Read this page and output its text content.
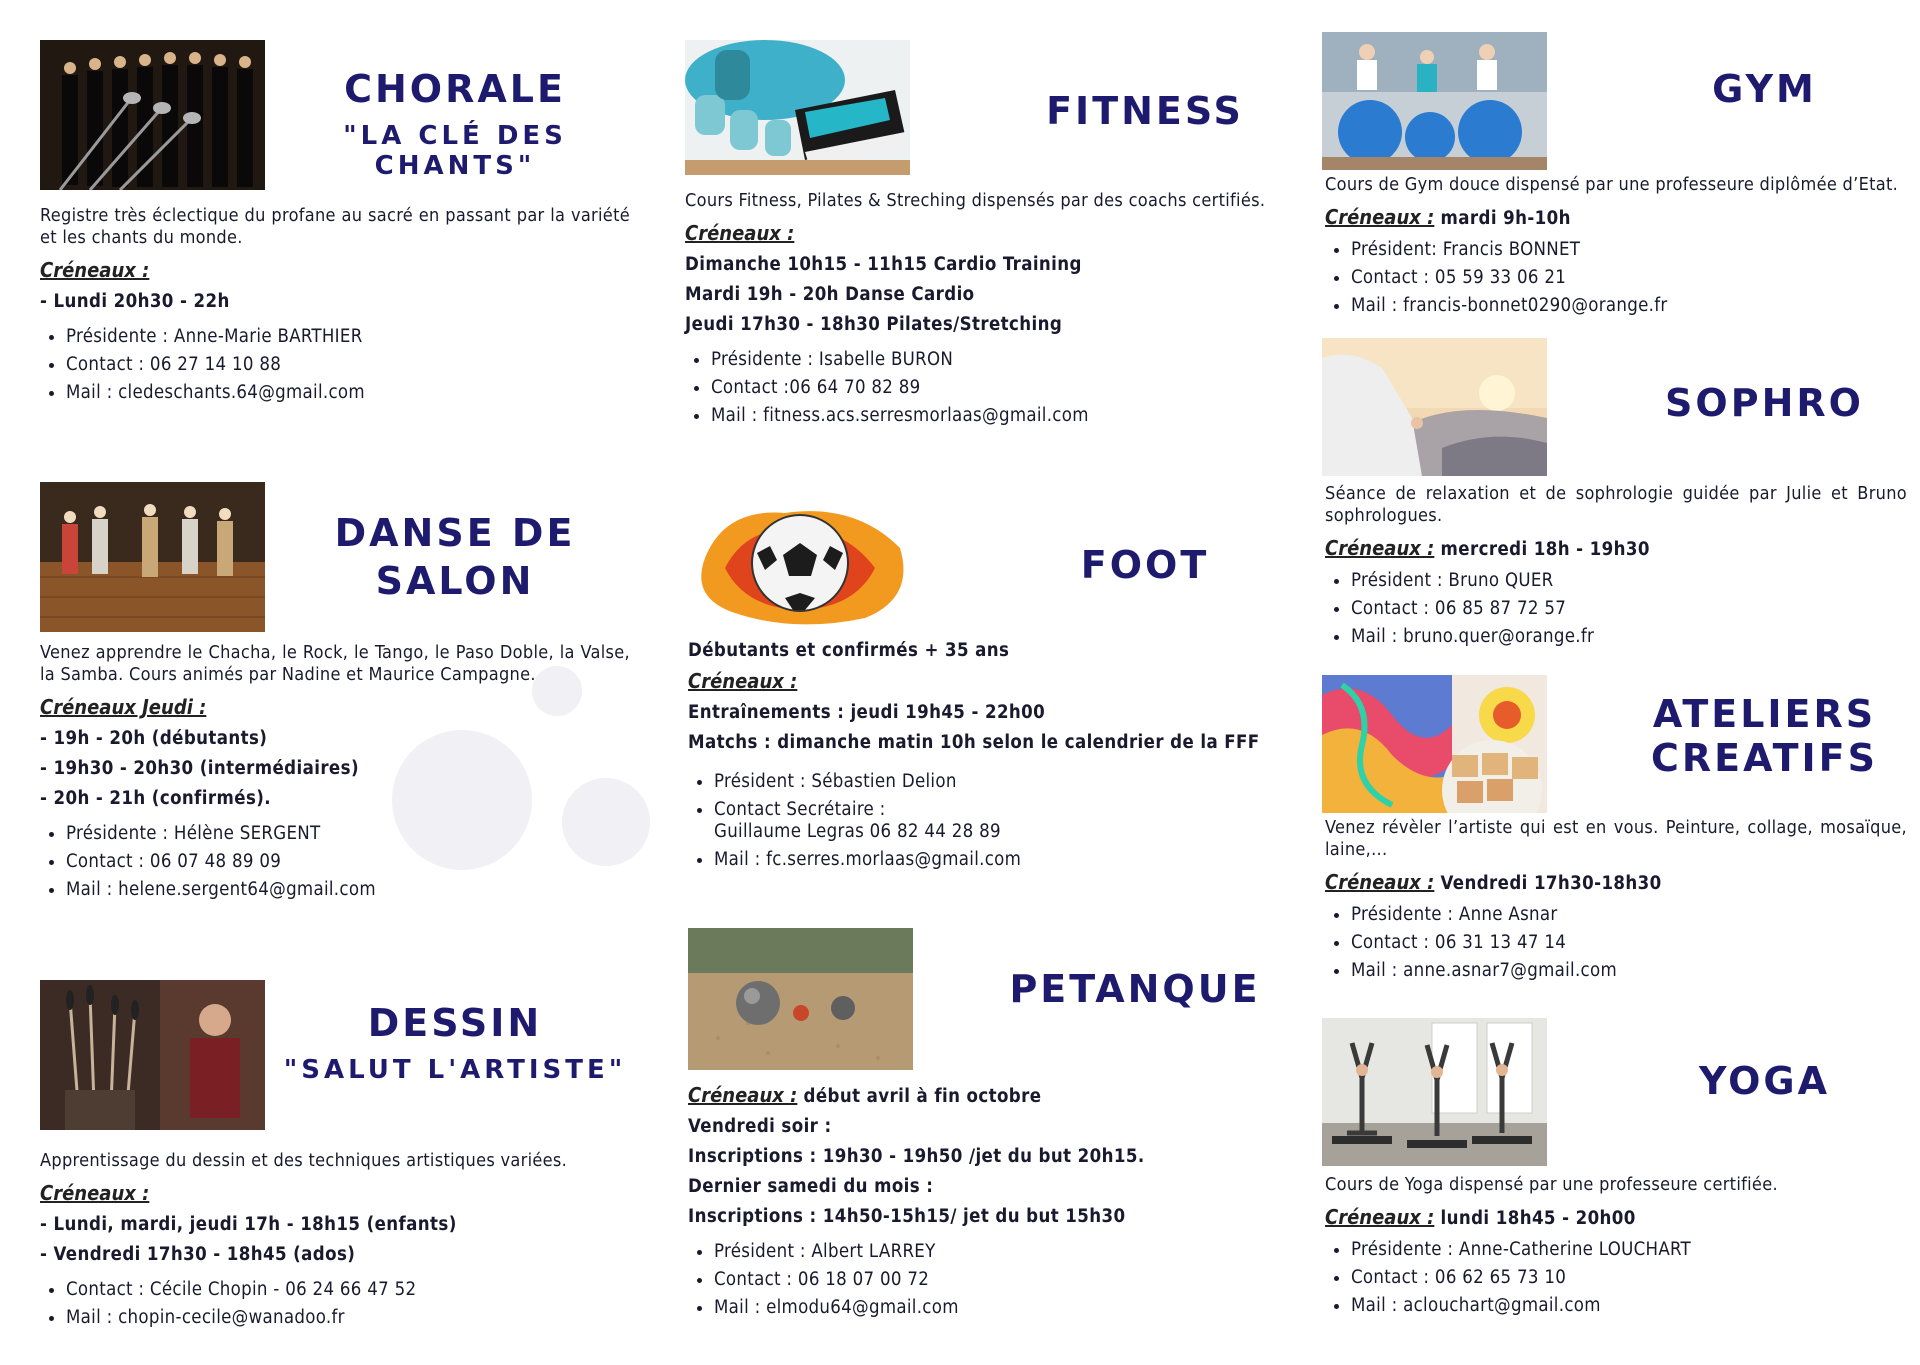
CHORALE
"LA CLÉ DES CHANTS"

Registre très éclectique du profane au sacré en passant par la variété et les chants du monde.

Créneaux :
- Lundi 20h30 - 22h
• Présidente : Anne-Marie BARTHIER
• Contact : 06 27 14 10 88
• Mail : cledeschants.64@gmail.com
DANSE DE
SALON

Venez apprendre le Chacha, le Rock, le Tango, le Paso Doble, la Valse, la Samba. Cours animés par Nadine et Maurice Campagne.

Créneaux Jeudi :
- 19h - 20h (débutants)
- 19h30 - 20h30 (intermédiaires)
- 20h - 21h (confirmés).
• Présidente : Hélène SERGENT
• Contact : 06 07 48 89 09
• Mail : helene.sergent64@gmail.com
DESSIN
"SALUT L'ARTISTE"

Apprentissage du dessin et des techniques artistiques variées.

Créneaux :
- Lundi, mardi, jeudi 17h - 18h15 (enfants)
- Vendredi 17h30 - 18h45 (ados)
• Contact : Cécile Chopin - 06 24 66 47 52
• Mail : chopin-cecile@wanadoo.fr
FITNESS

Cours Fitness, Pilates & Streching dispensés par des coachs certifiés.

Créneaux :
Dimanche 10h15 - 11h15 Cardio Training
Mardi 19h - 20h Danse Cardio
Jeudi 17h30 - 18h30 Pilates/Stretching
• Présidente : Isabelle BURON
• Contact :06 64 70 82 89
• Mail : fitness.acs.serresmorlaas@gmail.com
FOOT
Débutants et confirmés + 35 ans
Créneaux :
Entraînements : jeudi 19h45 - 22h00
Matchs : dimanche matin 10h selon le calendrier de la FFF
• Président : Sébastien Delion
• Contact Secrétaire :
Guillaume Legras 06 82 44 28 89
• Mail : fc.serres.morlaas@gmail.com
PETANQUE
Créneaux : début avril à fin octobre
Vendredi soir :
Inscriptions : 19h30 - 19h50 /jet du but 20h15.
Dernier samedi du mois :
Inscriptions : 14h50-15h15/ jet du but 15h30
• Président : Albert LARREY
• Contact : 06 18 07 00 72
• Mail : elmodu64@gmail.com
GYM

Cours de Gym douce dispensé par une professeure diplômée d’Etat.

Créneaux : mardi 9h-10h
• Président: Francis BONNET
• Contact : 05 59 33 06 21
• Mail : francis-bonnet0290@orange.fr
SOPHRO

Séance de relaxation et de sophrologie guidée par Julie et Bruno sophrologues.

Créneaux : mercredi 18h - 19h30
• Président : Bruno QUER
• Contact : 06 85 87 72 57
• Mail : bruno.quer@orange.fr
ATELIERS
CREATIFS

Venez révèler l’artiste qui est en vous. Peinture, collage, mosaïque, laine,...

Créneaux : Vendredi 17h30-18h30
• Présidente : Anne Asnar
• Contact : 06 31 13 47 14
• Mail : anne.asnar7@gmail.com
YOGA

Cours de Yoga dispensé par une professeure certifiée.

Créneaux : lundi 18h45 - 20h00
• Présidente : Anne-Catherine LOUCHART
• Contact : 06 62 65 73 10
• Mail : aclouchart@gmail.com
